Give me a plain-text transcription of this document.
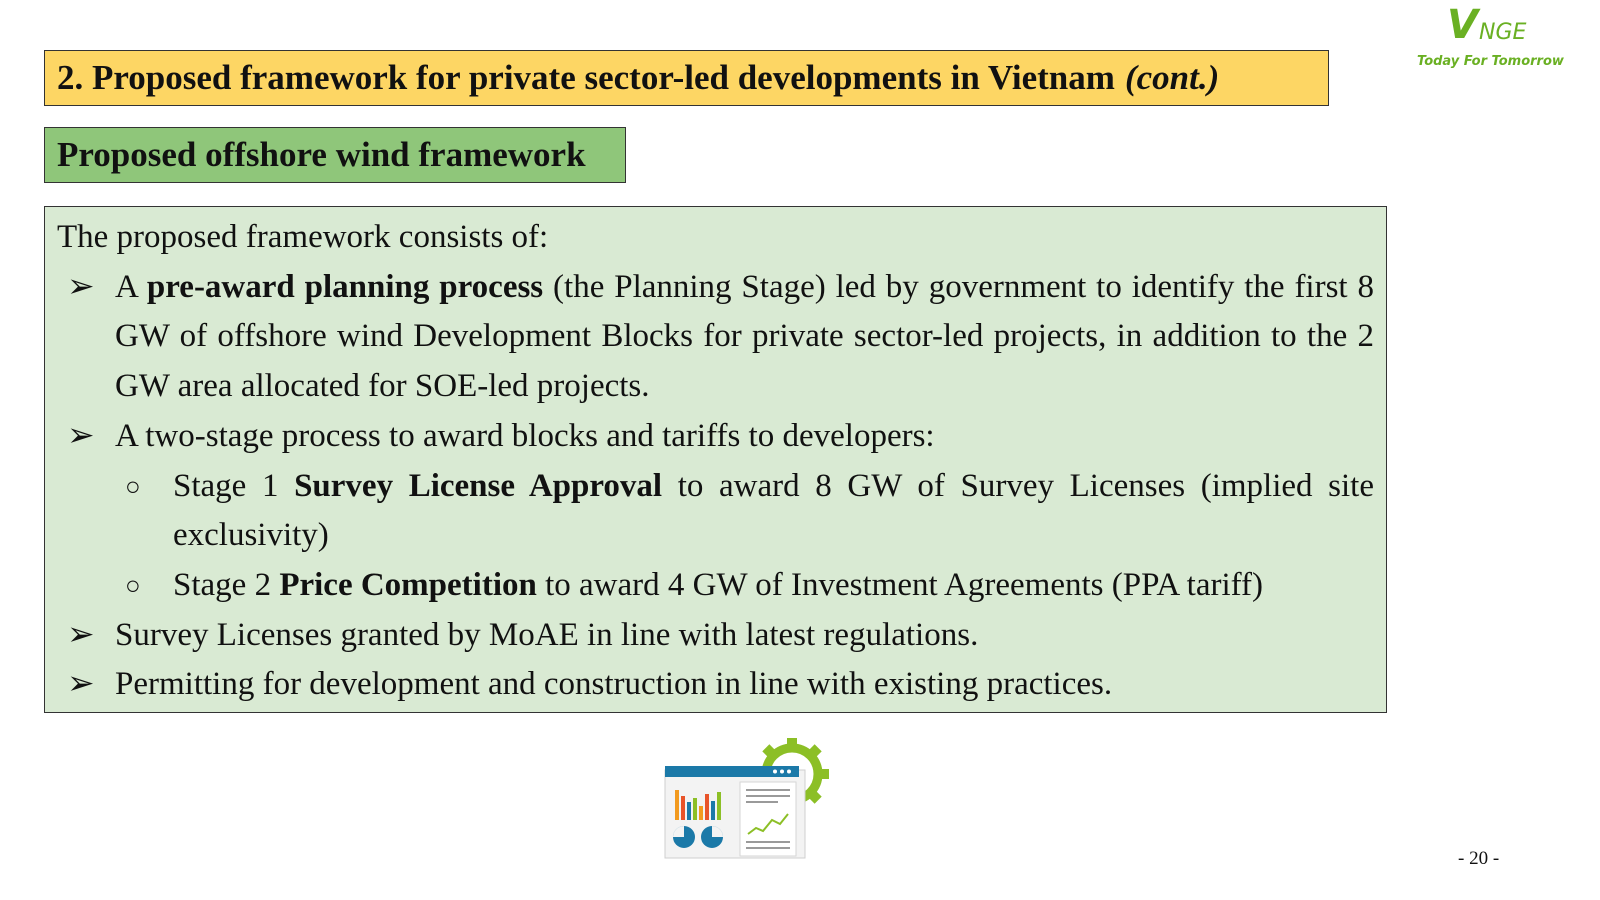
V NGE
Today For Tomorrow
2. Proposed framework for private sector-led developments in Vietnam (cont.)
Proposed offshore wind framework

The proposed framework consists of:

➢ A pre-award planning process (the Planning Stage) led by government to identify the first 8 GW of offshore wind Development Blocks for private sector-led projects, in addition to the 2 GW area allocated for SOE-led projects.
➢ A two-stage process to award blocks and tariffs to developers:
○ Stage 1 Survey License Approval to award 8 GW of Survey Licenses (implied site exclusivity)
○ Stage 2 Price Competition to award 4 GW of Investment Agreements (PPA tariff)
➢ Survey Licenses granted by MoAE in line with latest regulations.
➢ Permitting for development and construction in line with existing practices.
- 20 -
